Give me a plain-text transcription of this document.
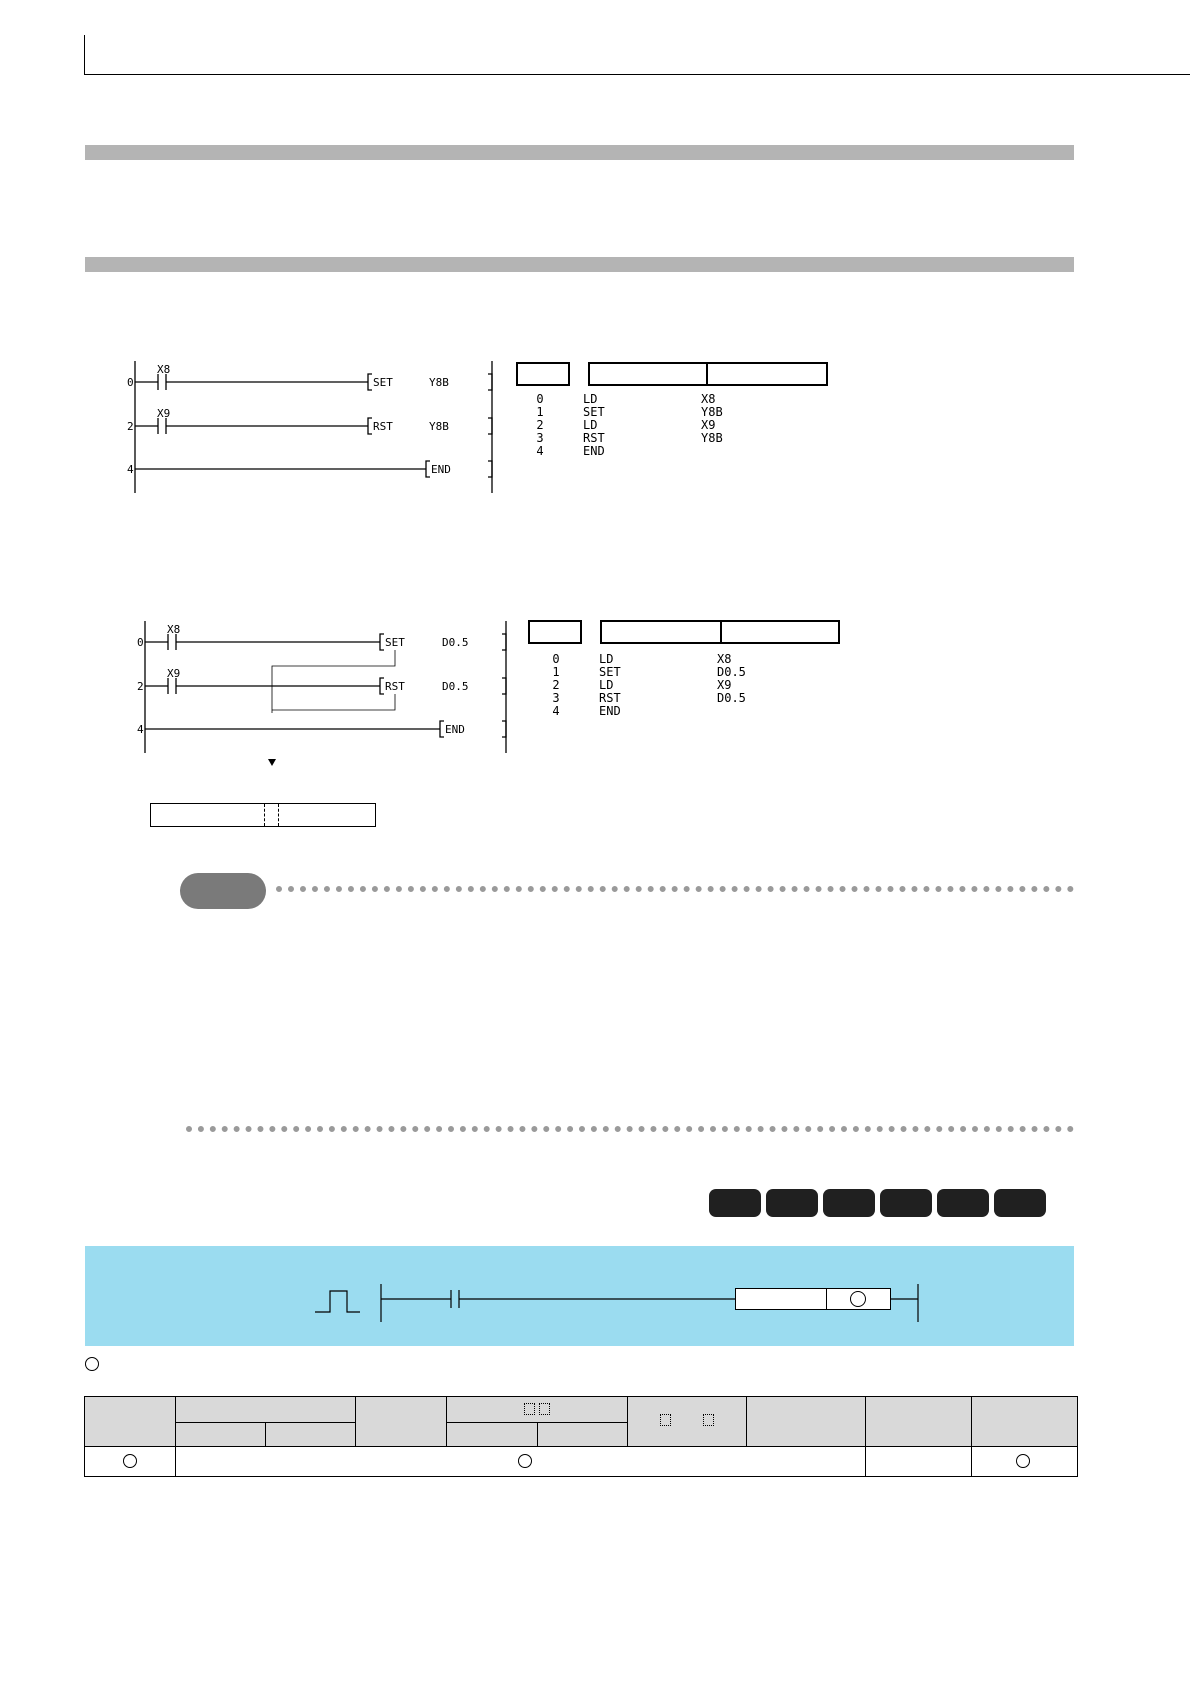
0
2
4
X8
X9
SET	Y8B
RST	Y8B
END
0	LD	X8
1	SET	Y8B
2	LD	X9
3	RST	Y8B
4	END
0
2
4
X8
X9
SET	D0.5
RST	D0.5
END
0	LD	X8
1	SET	D0.5
2	LD	X9
3	RST	D0.5
4	END
